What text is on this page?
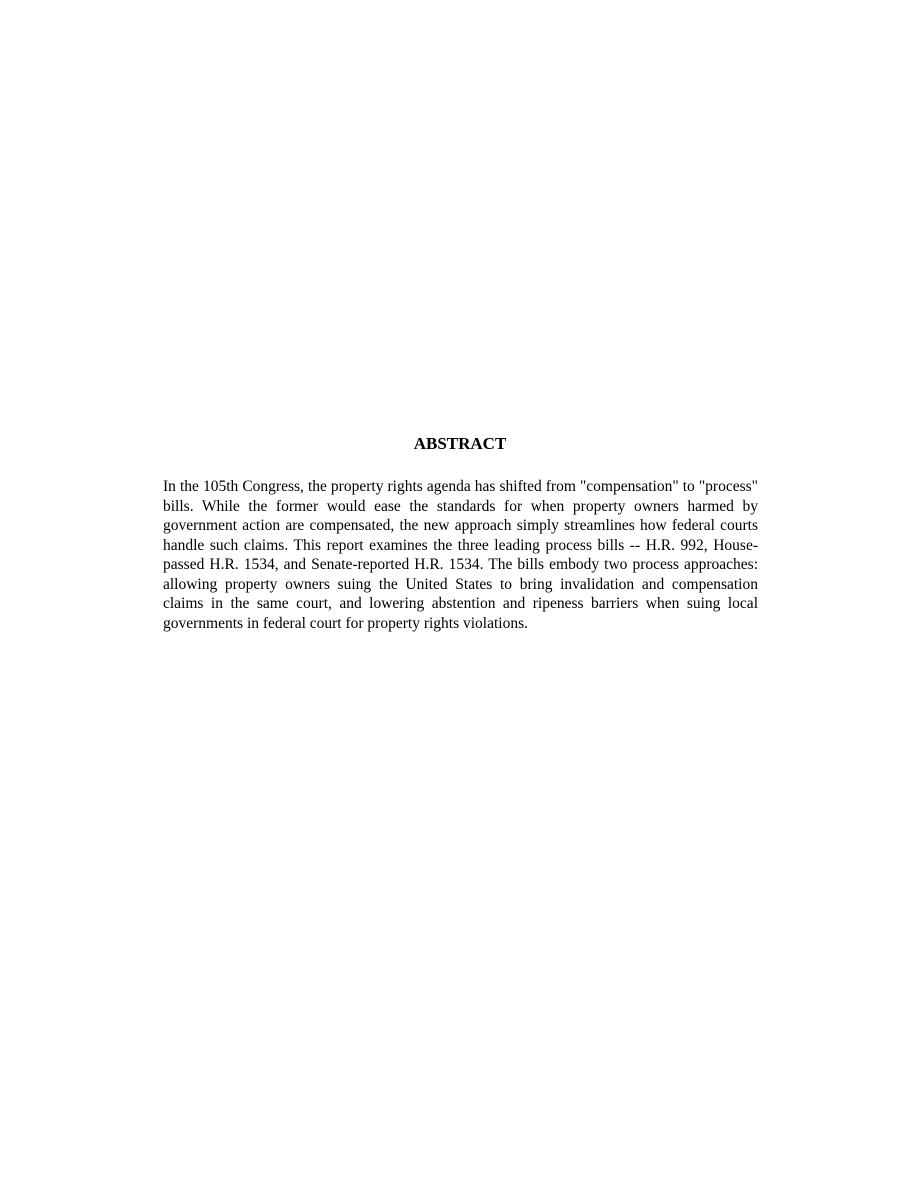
ABSTRACT

In the 105th Congress, the property rights agenda has shifted from "compensation" to "process" bills. While the former would ease the standards for when property owners harmed by government action are compensated, the new approach simply streamlines how federal courts handle such claims. This report examines the three leading process bills -- H.R. 992, House-passed H.R. 1534, and Senate-reported H.R. 1534. The bills embody two process approaches: allowing property owners suing the United States to bring invalidation and compensation claims in the same court, and lowering abstention and ripeness barriers when suing local governments in federal court for property rights violations.
